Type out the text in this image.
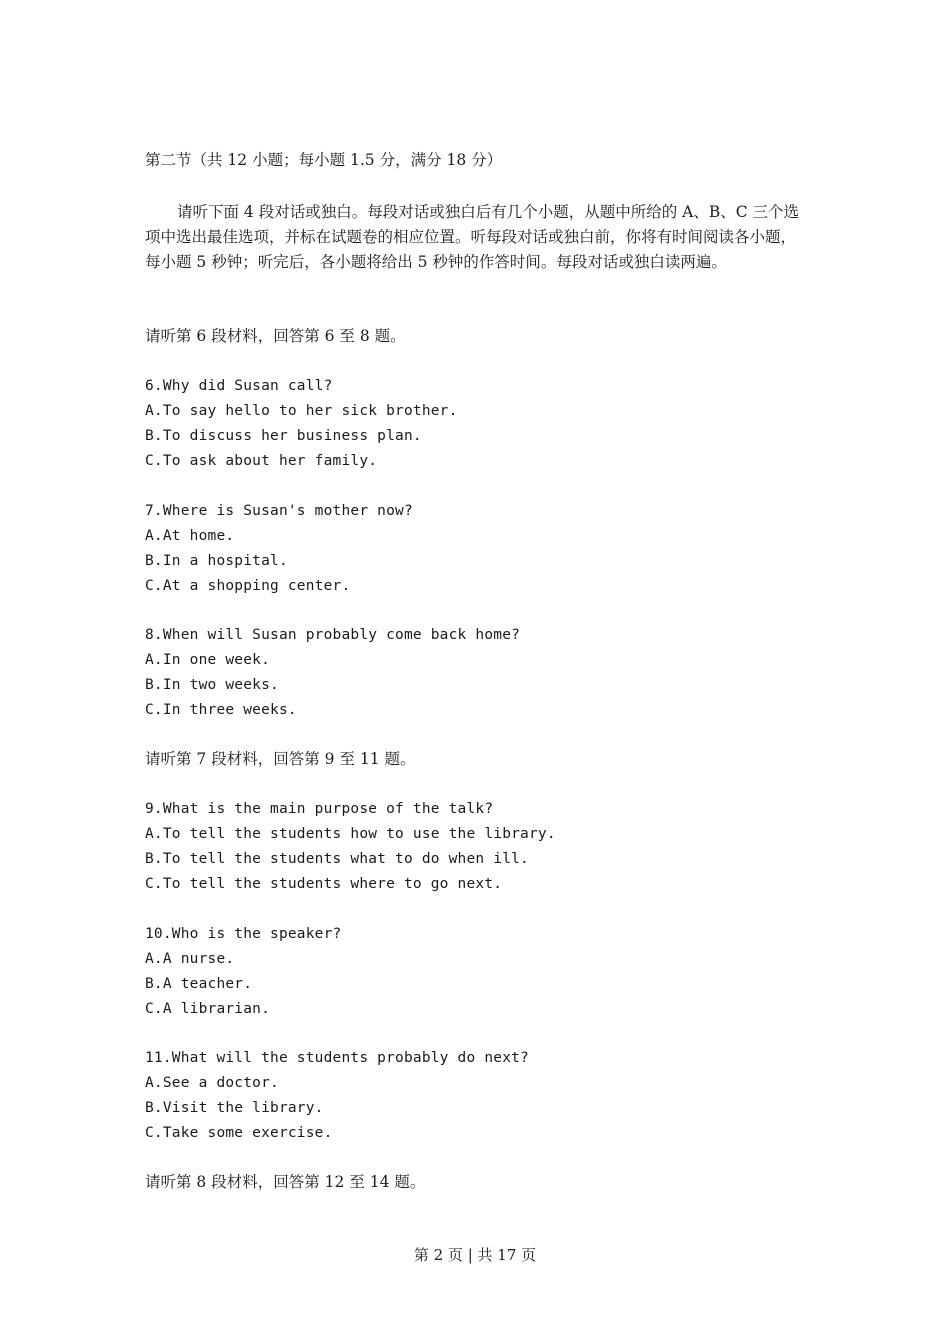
第二节（共 12 小题；每小题 1.5 分，满分 18 分）
请听下面 4 段对话或独白。每段对话或独白后有几个小题，从题中所给的 A、B、C 三个选项中选出最佳选项，并标在试题卷的相应位置。听每段对话或独白前，你将有时间阅读各小题，每小题 5 秒钟；听完后，各小题将给出 5 秒钟的作答时间。每段对话或独白读两遍。
请听第 6 段材料，回答第 6 至 8 题。
6.Why did Susan call?
A.To say hello to her sick brother.
B.To discuss her business plan.
C.To ask about her family.
7.Where is Susan's mother now?
A.At home.
B.In a hospital.
C.At a shopping center.
8.When will Susan probably come back home?
A.In one week.
B.In two weeks.
C.In three weeks.
请听第 7 段材料，回答第 9 至 11 题。
9.What is the main purpose of the talk?
A.To tell the students how to use the library.
B.To tell the students what to do when ill.
C.To tell the students where to go next.
10.Who is the speaker?
A.A nurse.
B.A teacher.
C.A librarian.
11.What will the students probably do next?
A.See a doctor.
B.Visit the library.
C.Take some exercise.
请听第 8 段材料，回答第 12 至 14 题。
第 2 页 | 共 17 页
